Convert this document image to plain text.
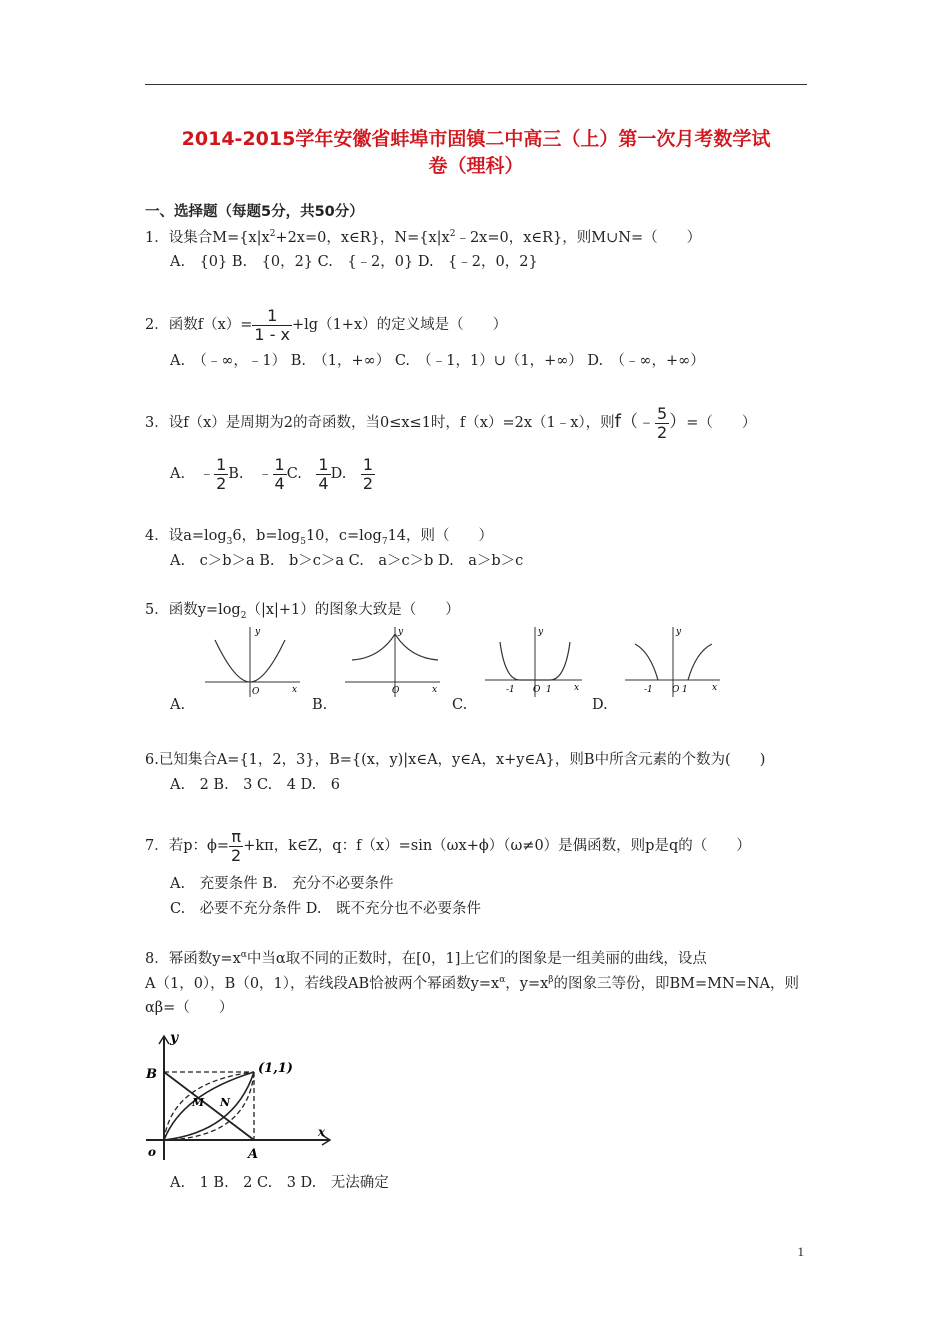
2014-2015学年安徽省蚌埠市固镇二中高三（上）第一次月考数学试
卷（理科）
一、选择题（每题5分，共50分）
1．设集合$M=\{x|x^2+2x=0$，x∈R}，$N=\{x|x^2﹣2x=0$，x∈R}，则M∪N=（　　）
A.　{0} B.　{0，2} C.　{﹣2，0} D.　{﹣2，0，2}
2．函数$f(x)= \frac{1}{1 - x} +\lg(1+x)$的定义域是（　　）
A.　（﹣∞，﹣1） B.　（1，+∞） C.　（﹣1，1）∪（1，+∞） D.　（﹣∞，+∞）
3．设f（x）是周期为2的奇函数，当0≤x≤1时，f（x）=2x（1﹣x），则f（﹣ $\frac{5}{2}$ ）=（　　）
A.　 ﹣ $\frac{1}{2} B$.　 ﹣ $\frac{1}{4} C$.　 $\frac{1}{4} D$.　 $\frac{1}{2}$
4．设$a=\log_36$，$b=\log_510$，$c=\log_714$，则（　　）
A.　c＞b＞a B.　b＞c＞a C.　a＞c＞b D.　a＞b＞c
5．函数$y=\log_2(|x|+1)$的图象大致是（　　）
y
x
O
y
x
O
y
x
-1 O 1
y
x
-1 O 1
A.	B.	C.	D.
6.已知集合A={1，2，3}，B={(x，y)|x∈A，y∈A，x+y∈A}，则B中所含元素的个数为(　　)
A.　2 B.　3 C.　4 D.　6
7．若p：$\phi= \frac{\pi}{2} +k\pi$，k∈Z，q：f（x）=sin（ωx+ϕ）（ω≠0）是偶函数，则p是q的（　　）
A.　充要条件 B.　充分不必要条件
C.　必要不充分条件 D.　既不充分也不必要条件
8．幂函数$y=x^\alpha$中当α取不同的正数时，在[0，1]上它们的图象是一组美丽的曲线，设点
A（1，0），B（0，1），若线段AB恰被两个幂函数$y=x^\alpha$，$y=x^\beta$的图象三等份，即BM=MN=NA，则
αβ=（　　）
y
B	(1,1)
M N
o	A
x
A.　1 B.　2 C.　3 D.　无法确定
1
